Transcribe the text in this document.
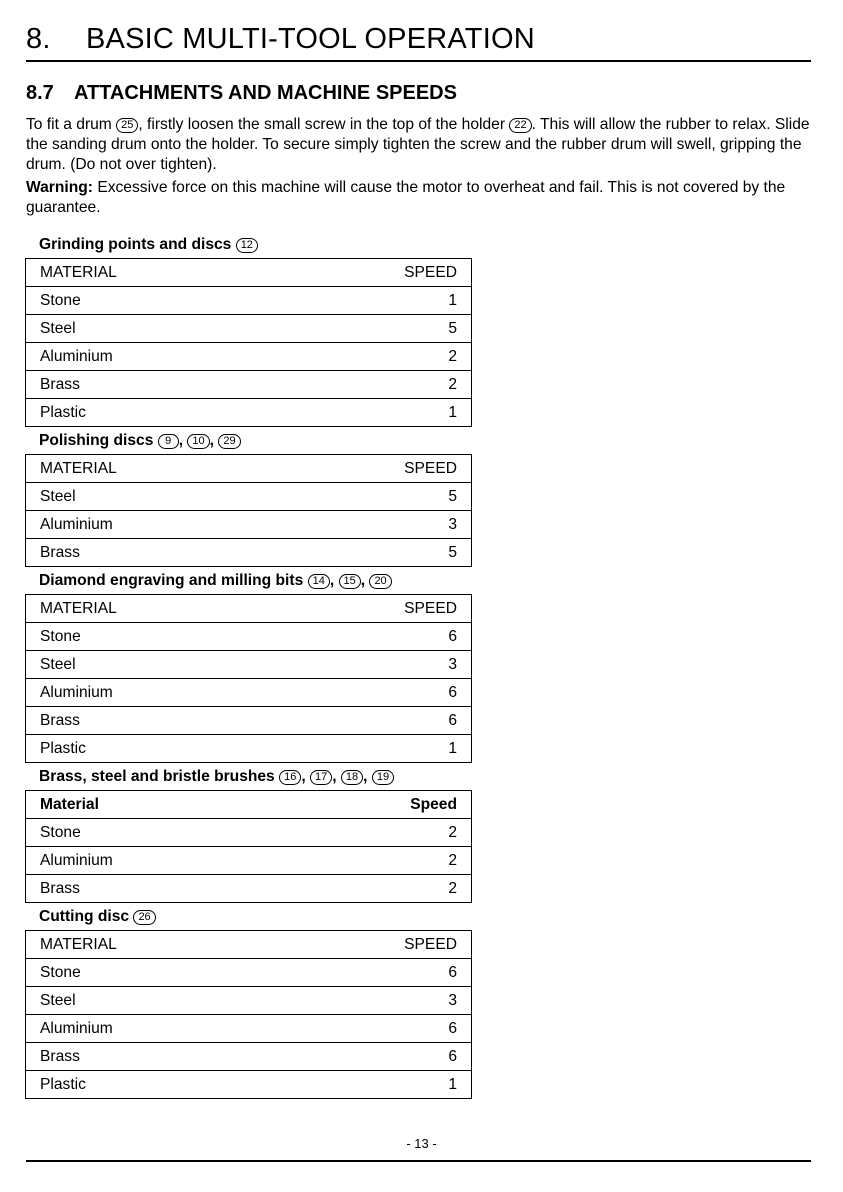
8. BASIC MULTI-TOOL OPERATION
8.7 ATTACHMENTS AND MACHINE SPEEDS
To fit a drum 25 , firstly loosen the small screw in the top of the holder 22 . This will allow the rubber to relax. Slide the sanding drum onto the holder. To secure simply tighten the screw and the rubber drum will swell, gripping the drum. (Do not over tighten).
Warning: Excessive force on this machine will cause the motor to overheat and fail. This is not covered by the guarantee.
Grinding points and discs 12
MATERIAL	SPEED
Stone	1
Steel	5
Aluminium	2
Brass	2
Plastic	1
Polishing discs 9 , 10 , 29
MATERIAL	SPEED
Steel	5
Aluminium	3
Brass	5
Diamond engraving and milling bits 14 , 15 , 20
MATERIAL	SPEED
Stone	6
Steel	3
Aluminium	6
Brass	6
Plastic	1
Brass, steel and bristle brushes 16 , 17 , 18 , 19
Material	Speed
Stone	2
Aluminium	2
Brass	2
Cutting disc 26
MATERIAL	SPEED
Stone	6
Steel	3
Aluminium	6
Brass	6
Plastic	1
- 13 -
